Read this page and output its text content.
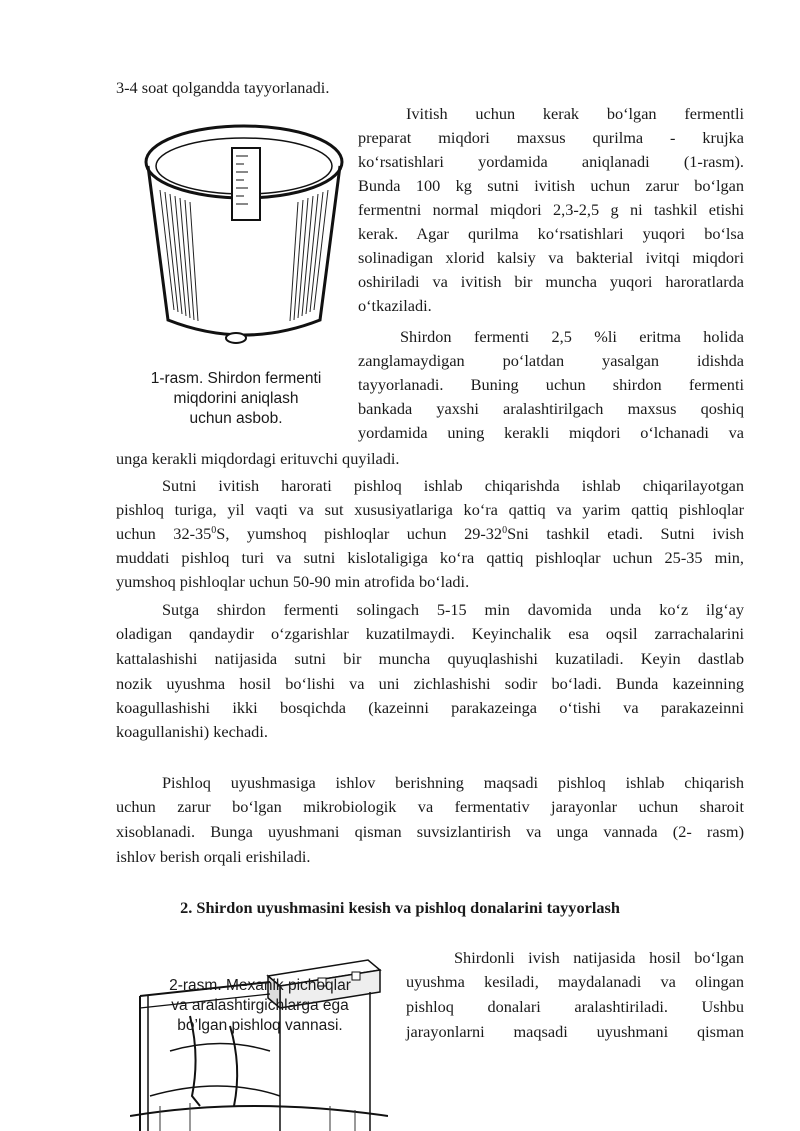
1-rasm. Shirdon fermenti
miqdorini aniqlash
uchun asbob.
3-4 soat qolgandda tayyorlanadi.
Ivitish uchun kerak bo‘lgan fermentli
preparat miqdori maxsus qurilma - krujka
ko‘rsatishlari yordamida aniqlanadi (1-rasm).
Bunda 100 kg sutni ivitish uchun zarur bo‘lgan
fermentni normal miqdori 2,3-2,5 g ni tashkil etishi
kerak. Agar qurilma ko‘rsatishlari yuqori bo‘lsa
solinadigan xlorid kalsiy va bakterial ivitqi miqdori
oshiriladi va ivitish bir muncha yuqori haroratlarda
o‘tkaziladi.
Shirdon fermenti 2,5 %li eritma holida
zanglamaydigan po‘latdan yasalgan idishda
tayyorlanadi. Buning uchun shirdon fermenti
bankada yaxshi aralashtirilgach maxsus qoshiq
yordamida uning kerakli miqdori o‘lchanadi va
unga kerakli miqdordagi erituvchi quyiladi.
Sutni ivitish harorati pishloq ishlab chiqarishda ishlab chiqarilayotgan
pishloq turiga, yil vaqti va sut xususiyatlariga ko‘ra qattiq va yarim qattiq pishloqlar
uchun $32-35^0S$, yumshoq pishloqlar uchun $29-32^0Sni$ tashkil etadi. Sutni ivish
muddati pishloq turi va sutni kislotaligiga ko‘ra qattiq pishloqlar uchun 25-35 min,
yumshoq pishloqlar uchun 50-90 min atrofida bo‘ladi.
Sutga shirdon fermenti solingach 5-15 min davomida unda ko‘z ilg‘ay
oladigan qandaydir o‘zgarishlar kuzatilmaydi. Keyinchalik esa oqsil zarrachalarini
kattalashishi natijasida sutni bir muncha quyuqlashishi kuzatiladi. Keyin dastlab
nozik uyushma hosil bo‘lishi va uni zichlashishi sodir bo‘ladi. Bunda kazeinning
koagullashishi ikki bosqichda (kazeinni parakazeinga o‘tishi va parakazeinni
koagullanishi) kechadi.
Pishloq uyushmasiga ishlov berishning maqsadi pishloq ishlab chiqarish
uchun zarur bo‘lgan mikrobiologik va fermentativ jarayonlar uchun sharoit
xisoblanadi. Bunga uyushmani qisman suvsizlantirish va unga vannada (2- rasm)
ishlov berish orqali erishiladi.
2. Shirdon uyushmasini kesish va pishloq donalarini tayyorlash
2-rasm. Mexanik pichoqlar
va aralashtirgichlarga ega
bo’lgan pishloq vannasi.
Shirdonli ivish natijasida hosil bo‘lgan
uyushma kesiladi, maydalanadi va olingan
pishloq donalari aralashtiriladi. Ushbu
jarayonlarni maqsadi uyushmani qisman
